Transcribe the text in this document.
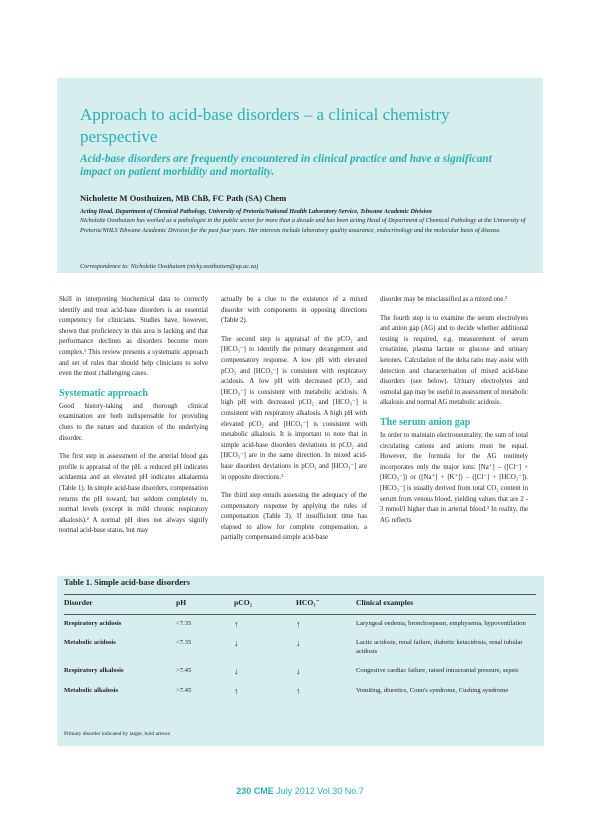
Approach to acid-base disorders – a clinical chemistry perspective

Acid-base disorders are frequently encountered in clinical practice and have a significant impact on patient morbidity and mortality.

Nicholette M Oosthuizen, MB ChB, FC Path (SA) Chem

Acting Head, Department of Chemical Pathology, University of Pretoria/National Health Laboratory Service, Tshwane Academic Division
Nicholette Oosthuizen has worked as a pathologist in the public sector for more than a decade and has been acting Head of Department of Chemical Pathology at the University of Pretoria/NHLS Tshwane Academic Division for the past four years. Her interests include laboratory quality assurance, endocrinology and the molecular basis of disease.

Correspondence to: Nicholette Oosthuizen (nicky.oosthuizen@up.ac.za)

Skill in interpreting biochemical data to correctly identify and treat acid-base disorders is an essential competency for clinicians. Studies have, however, shown that proficiency in this area is lacking and that performance declines as disorders become more complex.¹ This review presents a systematic approach and set of rules that should help clinicians to solve even the most challenging cases.

Systematic approach

Good history-taking and thorough clinical examination are both indispensable for providing clues to the nature and duration of the underlying disorder.

The first step in assessment of the arterial blood gas profile is appraisal of the pH: a reduced pH indicates acidaemia and an elevated pH indicates alkalaemia (Table 1). In simple acid-base disorders, compensation returns the pH toward, but seldom completely to, normal levels (except in mild chronic respiratory alkalosis).² A normal pH does not always signify normal acid-base status, but may

actually be a clue to the existence of a mixed disorder with components in opposing directions (Table 2).

The second step is appraisal of the pCO₂ and [HCO₃⁻] to identify the primary derangement and compensatory response. A low pH with elevated pCO₂ and [HCO₃⁻] is consistent with respiratory acidosis. A low pH with decreased pCO₂ and [HCO₃⁻] is consistent with metabolic acidosis. A high pH with decreased pCO₂ and [HCO₃⁻] is consistent with respiratory alkalosis. A high pH with elevated pCO₂ and [HCO₃⁻] is consistent with metabolic alkalosis. It is important to note that in simple acid-base disorders deviations in pCO₂ and [HCO₃⁻] are in the same direction. In mixed acid-base disorders deviations in pCO₂ and [HCO₃⁻] are in opposite directions.²

The third step entails assessing the adequacy of the compensatory response by applying the rules of compensation (Table 3). If insufficient time has elapsed to allow for complete compensation, a partially compensated simple acid-base

disorder may be misclassified as a mixed one.²

The fourth step is to examine the serum electrolytes and anion gap (AG) and to decide whether additional testing is required, e.g. measurement of serum creatinine, plasma lactate or glucose and urinary ketones. Calculation of the delta ratio may assist with detection and characterisation of mixed acid-base disorders (see below). Urinary electrolytes and osmolal gap may be useful in assessment of metabolic alkalosis and normal AG metabolic acidosis.

The serum anion gap

In order to maintain electroneutrality, the sum of total circulating cations and anions must be equal. However, the formula for the AG routinely incorporates only the major ions: [Na⁺] – ([Cl⁻] + [HCO₃⁻]) or ([Na⁺] + [K⁺]) – ([Cl⁻] + [HCO₃⁻]). [HCO₃⁻] is usually derived from total CO₂ content in serum from venous blood, yielding values that are 2 - 3 mmol/l higher than in arterial blood.³ In reality, the AG reflects

Table 1. Simple acid-base disorders

Disorder	pH	pCO₂	HCO₃⁻	Clinical examples
Respiratory acidosis	<7.35	↑	↑	Laryngeal oedema, bronchospasm, emphysema, hypoventilation
Metabolic acidosis	<7.35	↓	↓	Lactic acidosis, renal failure, diabetic ketacidosis, renal tubular acidosis
Respiratory alkalosis	>7.45	↓	↓	Congestive cardiac failure, raised intracranial pressure, sepsis
Metabolic alkalosis	>7.45	↑	↑	Vomiting, diuretics, Conn's syndrome, Cushing syndrome

Primary disorder indicated by larger, bold arrows

230 CME July 2012 Vol.30 No.7
